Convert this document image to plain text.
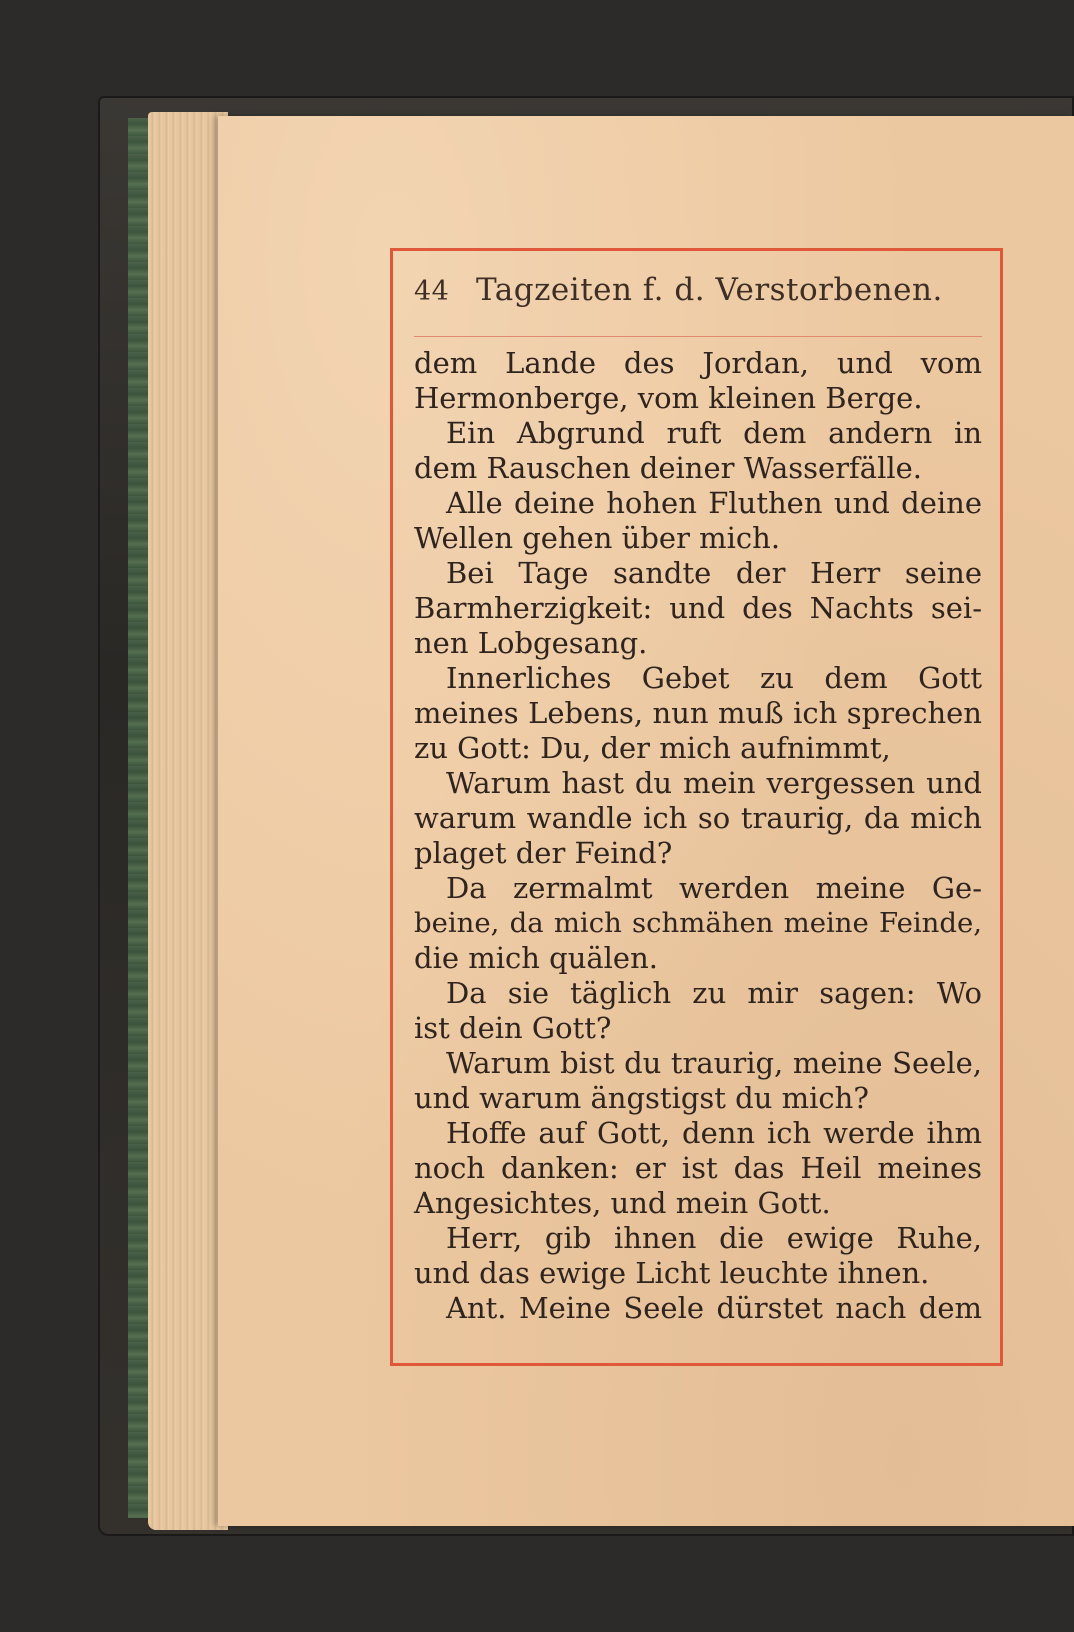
44 Tagzeiten f. d. Verstorbenen.
dem Lande des Jordan, und vom
Hermonberge, vom kleinen Berge.
Ein Abgrund ruft dem andern in
dem Rauschen deiner Wasserfälle.
Alle deine hohen Fluthen und deine
Wellen gehen über mich.
Bei Tage sandte der Herr seine
Barmherzigkeit: und des Nachts sei-
nen Lobgesang.
Innerliches Gebet zu dem Gott
meines Lebens, nun muß ich sprechen
zu Gott: Du, der mich aufnimmt,
Warum hast du mein vergessen und
warum wandle ich so traurig, da mich
plaget der Feind?
Da zermalmt werden meine Ge-
beine, da mich schmähen meine Feinde,
die mich quälen.
Da sie täglich zu mir sagen: Wo
ist dein Gott?
Warum bist du traurig, meine Seele,
und warum ängstigst du mich?
Hoffe auf Gott, denn ich werde ihm
noch danken: er ist das Heil meines
Angesichtes, und mein Gott.
Herr, gib ihnen die ewige Ruhe,
und das ewige Licht leuchte ihnen.
Ant. Meine Seele dürstet nach dem
